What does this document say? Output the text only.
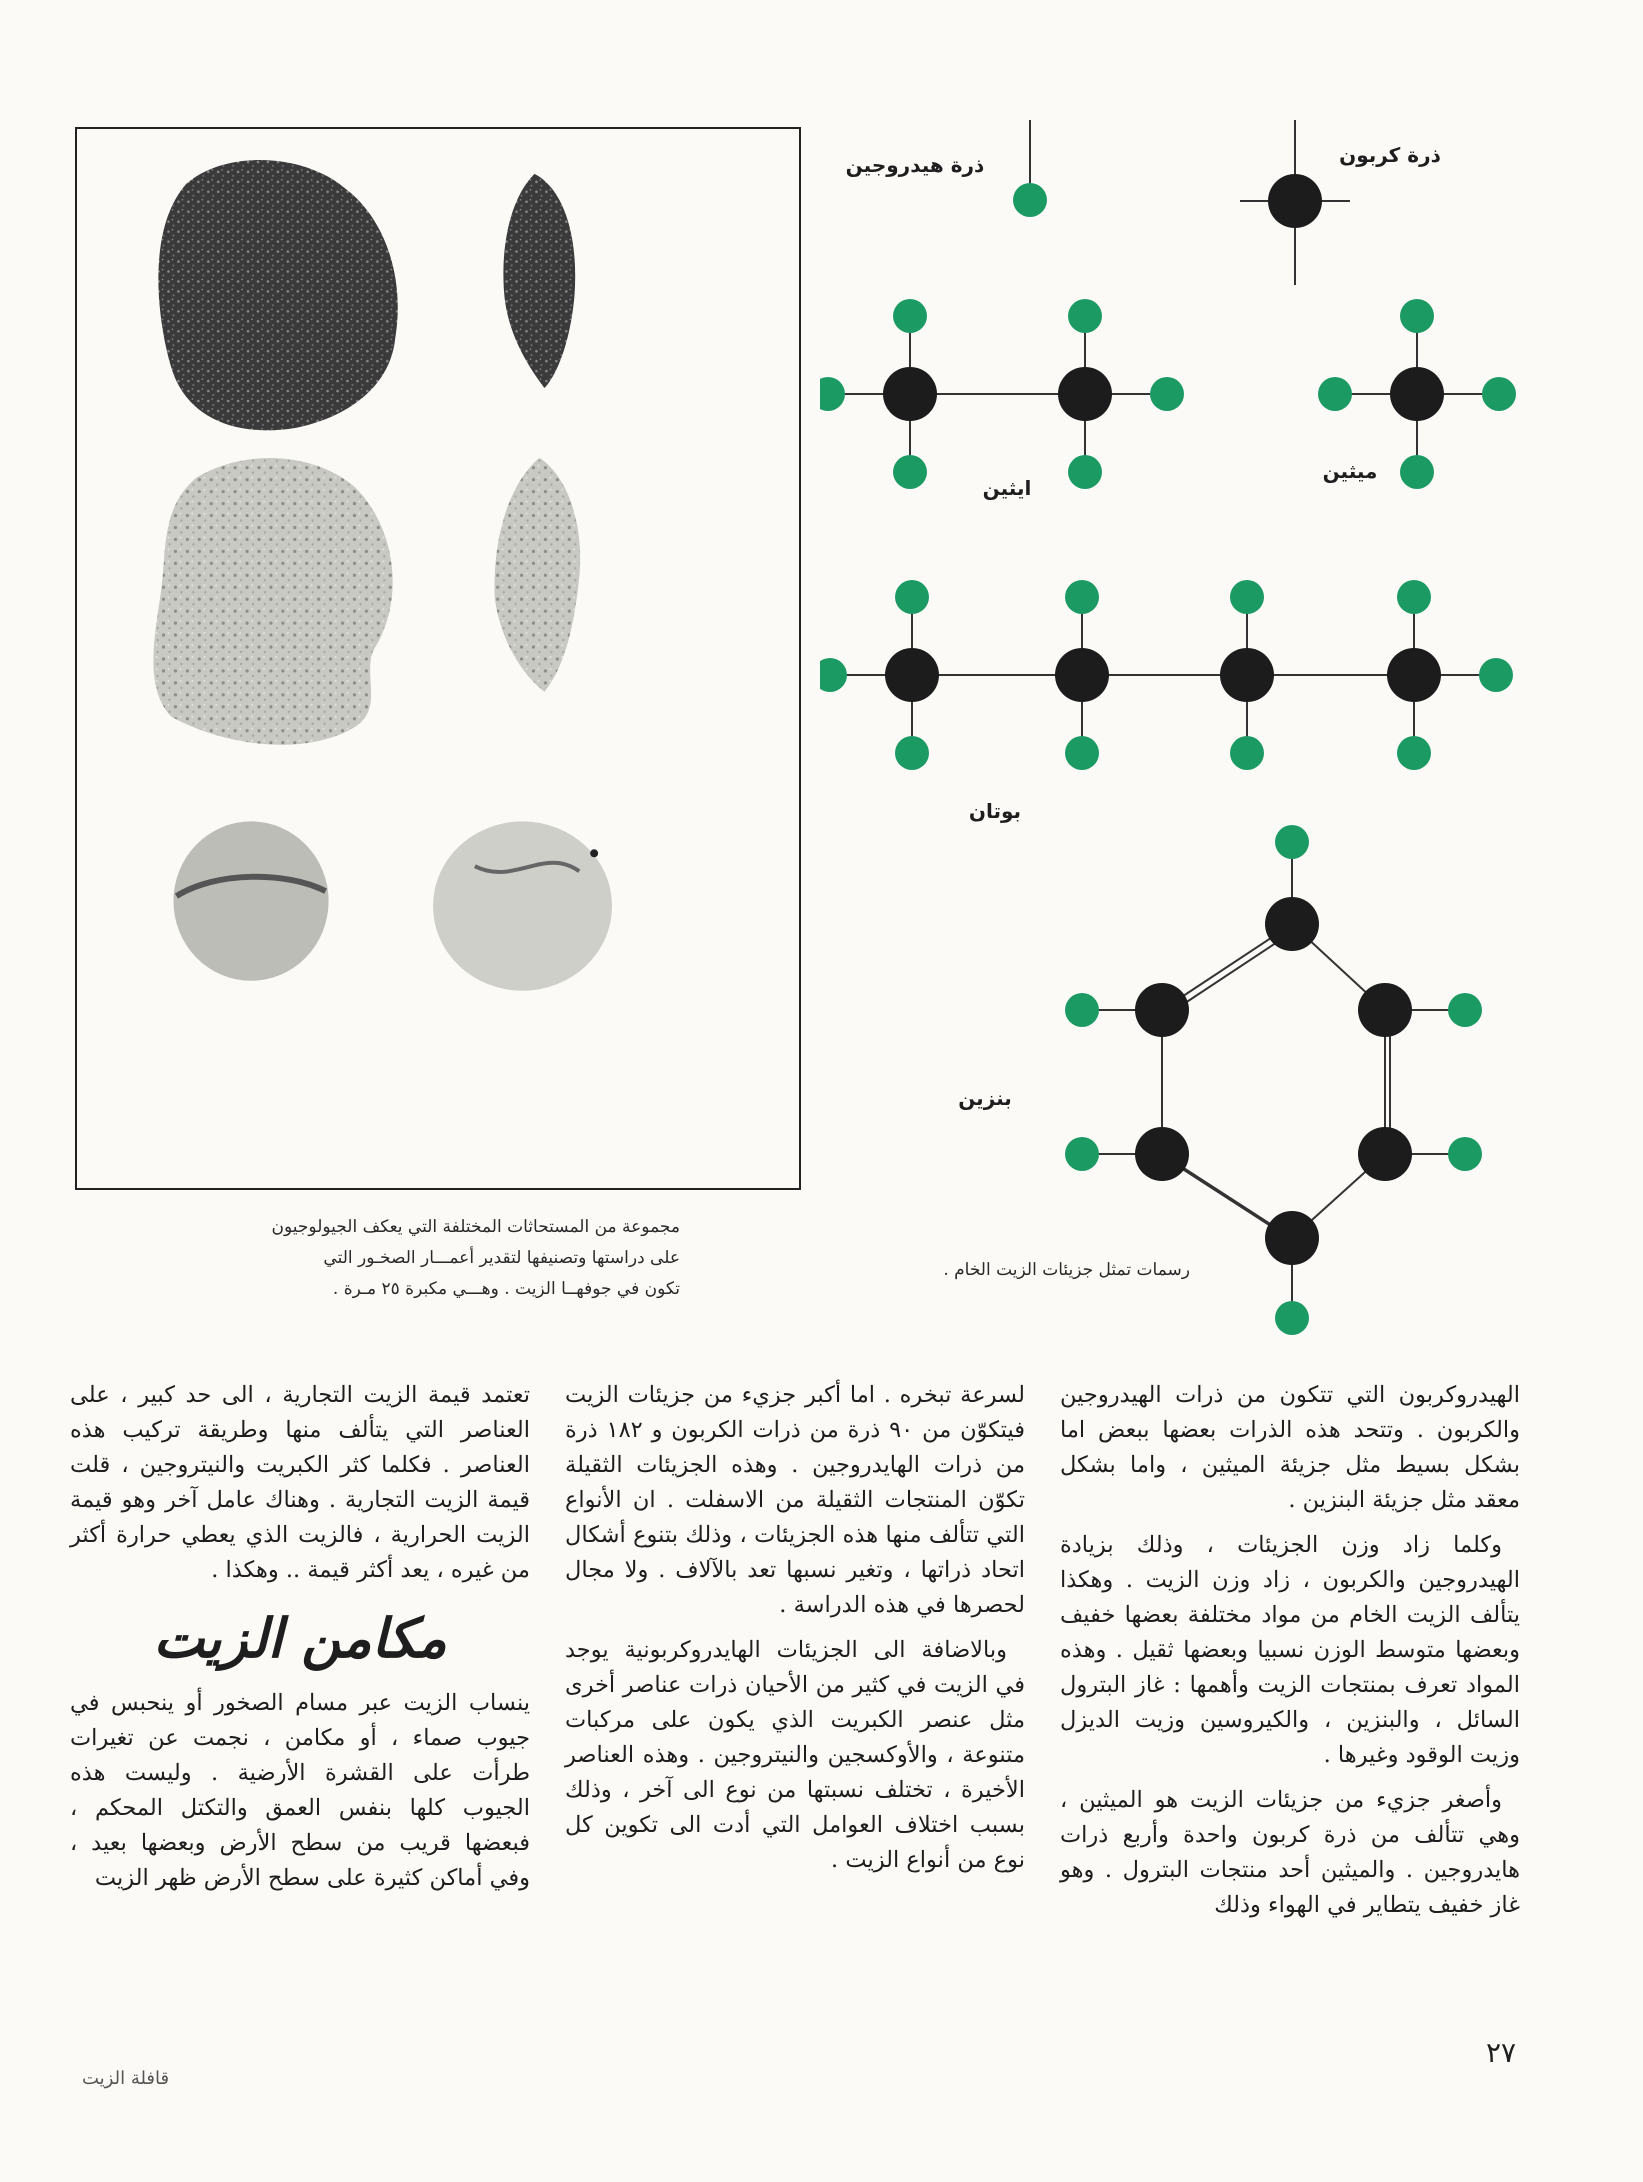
مجموعة من المستحاثات المختلفة التي يعكف الجيولوجيون
على دراستها وتصنيفها لتقدير أعمـــار الصخـور التي
تكون في جوفهــا الزيت . وهـــي مكبرة ٢٥ مـرة .
ذرة كربون
ذرة هيدروجين
ميثين
ايثين
بوتان
بنزين
رسمات تمثل جزيئات الزيت الخام .

الهيدروكربون التي تتكون من ذرات الهيدروجين والكربون . وتتحد هذه الذرات بعضها ببعض اما بشكل بسيط مثل جزيئة الميثين ، واما بشكل معقد مثل جزيئة البنزين .

وكلما زاد وزن الجزيئات ، وذلك بزيادة الهيدروجين والكربون ، زاد وزن الزيت . وهكذا يتألف الزيت الخام من مواد مختلفة بعضها خفيف وبعضها متوسط الوزن نسبيا وبعضها ثقيل . وهذه المواد تعرف بمنتجات الزيت وأهمها : غاز البترول السائل ، والبنزين ، والكيروسين وزيت الديزل وزيت الوقود وغيرها .

وأصغر جزيء من جزيئات الزيت هو الميثين ، وهي تتألف من ذرة كربون واحدة وأربع ذرات هايدروجين . والميثين أحد منتجات البترول . وهو غاز خفيف يتطاير في الهواء وذلك

لسرعة تبخره . اما أكبر جزيء من جزيئات الزيت فيتكوّن من ٩٠ ذرة من ذرات الكربون و ١٨٢ ذرة من ذرات الهايدروجين . وهذه الجزيئات الثقيلة تكوّن المنتجات الثقيلة من الاسفلت . ان الأنواع التي تتألف منها هذه الجزيئات ، وذلك بتنوع أشكال اتحاد ذراتها ، وتغير نسبها تعد بالآلاف . ولا مجال لحصرها في هذه الدراسة .

وبالاضافة الى الجزيئات الهايدروكربونية يوجد في الزيت في كثير من الأحيان ذرات عناصر أخرى مثل عنصر الكبريت الذي يكون على مركبات متنوعة ، والأوكسجين والنيتروجين . وهذه العناصر الأخيرة ، تختلف نسبتها من نوع الى آخر ، وذلك بسبب اختلاف العوامل التي أدت الى تكوين كل نوع من أنواع الزيت .

تعتمد قيمة الزيت التجارية ، الى حد كبير ، على العناصر التي يتألف منها وطريقة تركيب هذه العناصر . فكلما كثر الكبريت والنيتروجين ، قلت قيمة الزيت التجارية . وهناك عامل آخر وهو قيمة الزيت الحرارية ، فالزيت الذي يعطي حرارة أكثر من غيره ، يعد أكثر قيمة .. وهكذا .

مكامن الزيت

ينساب الزيت عبر مسام الصخور أو ينحبس في جيوب صماء ، أو مكامن ، نجمت عن تغيرات طرأت على القشرة الأرضية . وليست هذه الجيوب كلها بنفس العمق والتكتل المحكم ، فبعضها قريب من سطح الأرض وبعضها بعيد ، وفي أماكن كثيرة على سطح الأرض ظهر الزيت

٢٧
قافلة الزيت
